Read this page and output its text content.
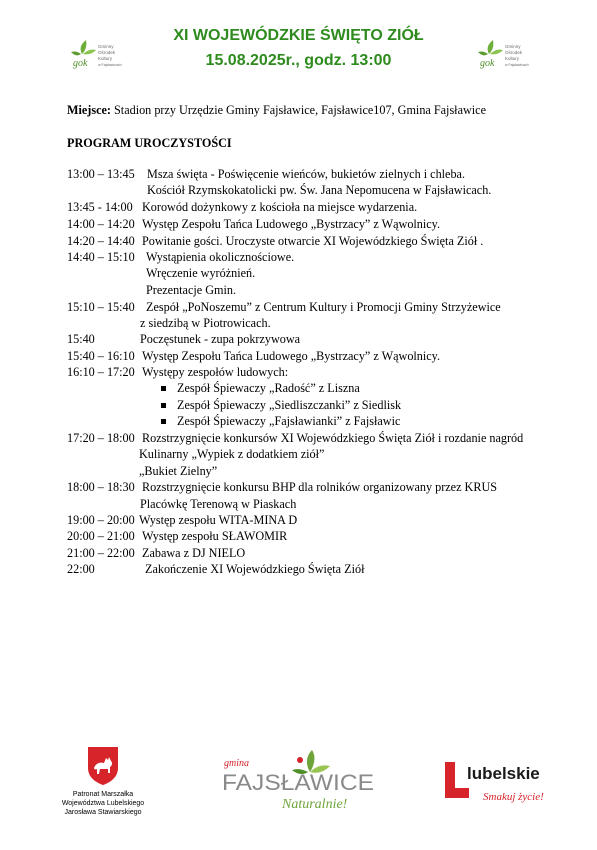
gok
Gminny
Ośrodek
Kultury
w Fajsławicach	gok
Gminny
Ośrodek
Kultury
w Fajsławicach
XI WOJEWÓDZKIE ŚWIĘTO ZIÓŁ
15.08.2025r., godz. 13:00
Miejsce: Stadion przy Urzędzie Gminy Fajsławice, Fajsławice107, Gmina Fajsławice
PROGRAM UROCZYSTOŚCI
13:00 – 13:45 Msza święta - Poświęcenie wieńców, bukietów zielnych i chleba.
Kościół Rzymskokatolicki pw. Św. Jana Nepomucena w Fajsławicach.
13:45 - 14:00 Korowód dożynkowy z kościoła na miejsce wydarzenia.
14:00 – 14:20 Występ Zespołu Tańca Ludowego „Bystrzacy” z Wąwolnicy.
14:20 – 14:40 Powitanie gości. Uroczyste otwarcie XI Wojewódzkiego Święta Ziół .
14:40 – 15:10 Wystąpienia okolicznościowe.
Wręczenie wyróżnień.
Prezentacje Gmin.
15:10 – 15:40 Zespół „PoNoszemu” z Centrum Kultury i Promocji Gminy Strzyżewice
z siedzibą w Piotrowicach.
15:40	Poczęstunek - zupa pokrzywowa
15:40 – 16:10 Występ Zespołu Tańca Ludowego „Bystrzacy” z Wąwolnicy.
16:10 – 17:20 Występy zespołów ludowych:
Zespół Śpiewaczy „Radość” z Liszna
Zespół Śpiewaczy „Siedliszczanki” z Siedlisk
Zespół Śpiewaczy „Fajsławianki” z Fajsławic
17:20 – 18:00 Rozstrzygnięcie konkursów XI Wojewódzkiego Święta Ziół i rozdanie nagród
Kulinarny „Wypiek z dodatkiem ziół”
„Bukiet Zielny”
18:00 – 18:30 Rozstrzygnięcie konkursu BHP dla rolników organizowany przez KRUS
Placówkę Terenową w Piaskach
19:00 – 20:00 Występ zespołu WITA-MINA D
20:00 – 21:00 Występ zespołu SŁAWOMIR
21:00 – 22:00 Zabawa z DJ NIELO
22:00	Zakończenie XI Wojewódzkiego Święta Ziół
Patronat Marszałka
Województwa Lubelskiego
Jarosława Stawiarskiego
gmina
FAJSŁAWICE
Naturalnie!
lubelskie
Smakuj życie!
